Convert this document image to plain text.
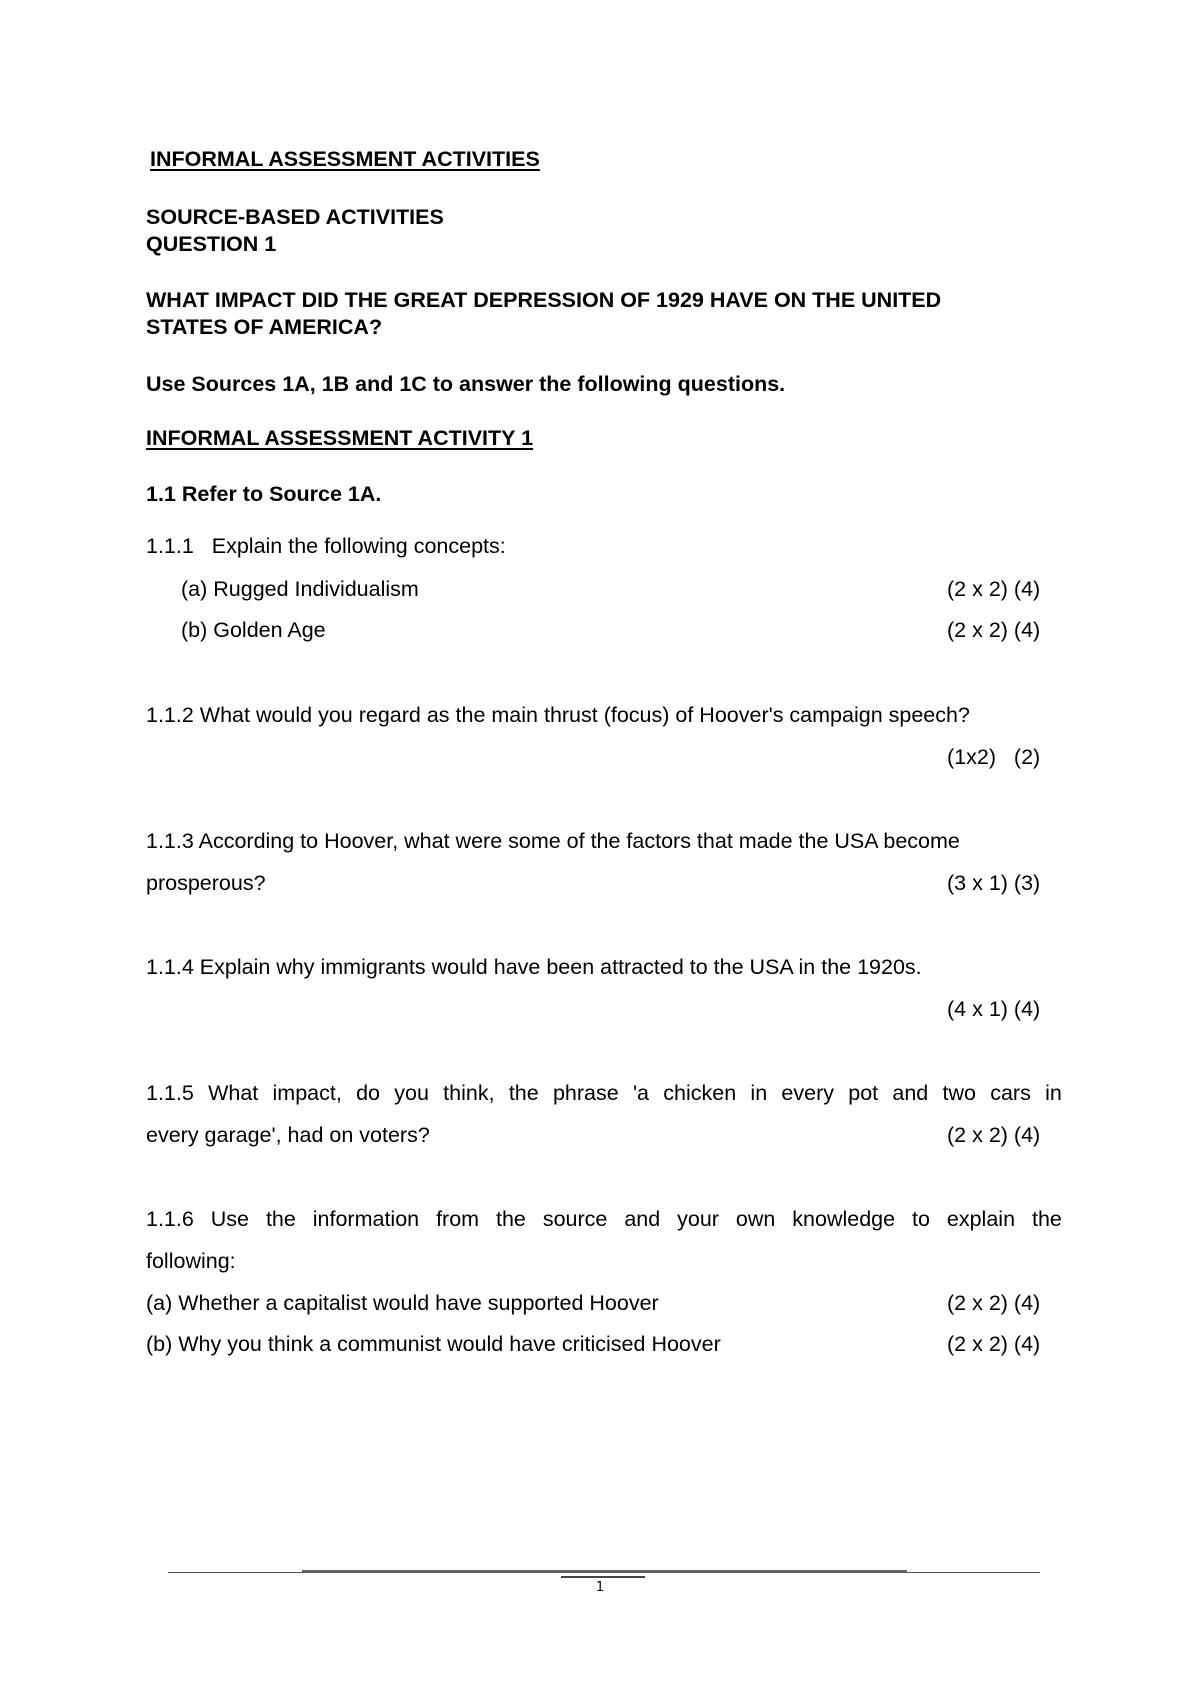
INFORMAL ASSESSMENT ACTIVITIES
SOURCE-BASED ACTIVITIES
QUESTION 1
WHAT IMPACT DID THE GREAT DEPRESSION OF 1929 HAVE ON THE UNITED
STATES OF AMERICA?
Use Sources 1A, 1B and 1C to answer the following questions.
INFORMAL ASSESSMENT ACTIVITY 1
1.1 Refer to Source 1A.
1.1.1   Explain the following concepts:
(a) Rugged Individualism	(2 x 2) (4)
(b) Golden Age	(2 x 2) (4)
1.1.2 What would you regard as the main thrust (focus) of Hoover's campaign speech?
(1x2)   (2)
1.1.3 According to Hoover, what were some of the factors that made the USA become
prosperous?	(3 x 1) (3)
1.1.4 Explain why immigrants would have been attracted to the USA in the 1920s.
(4 x 1) (4)
1.1.5 What impact, do you think, the phrase 'a chicken in every pot and two cars in
every garage', had on voters?	(2 x 2) (4)
1.1.6 Use the information from the source and your own knowledge to explain the
following:
(a) Whether a capitalist would have supported Hoover	(2 x 2) (4)
(b) Why you think a communist would have criticised Hoover	(2 x 2) (4)
1
